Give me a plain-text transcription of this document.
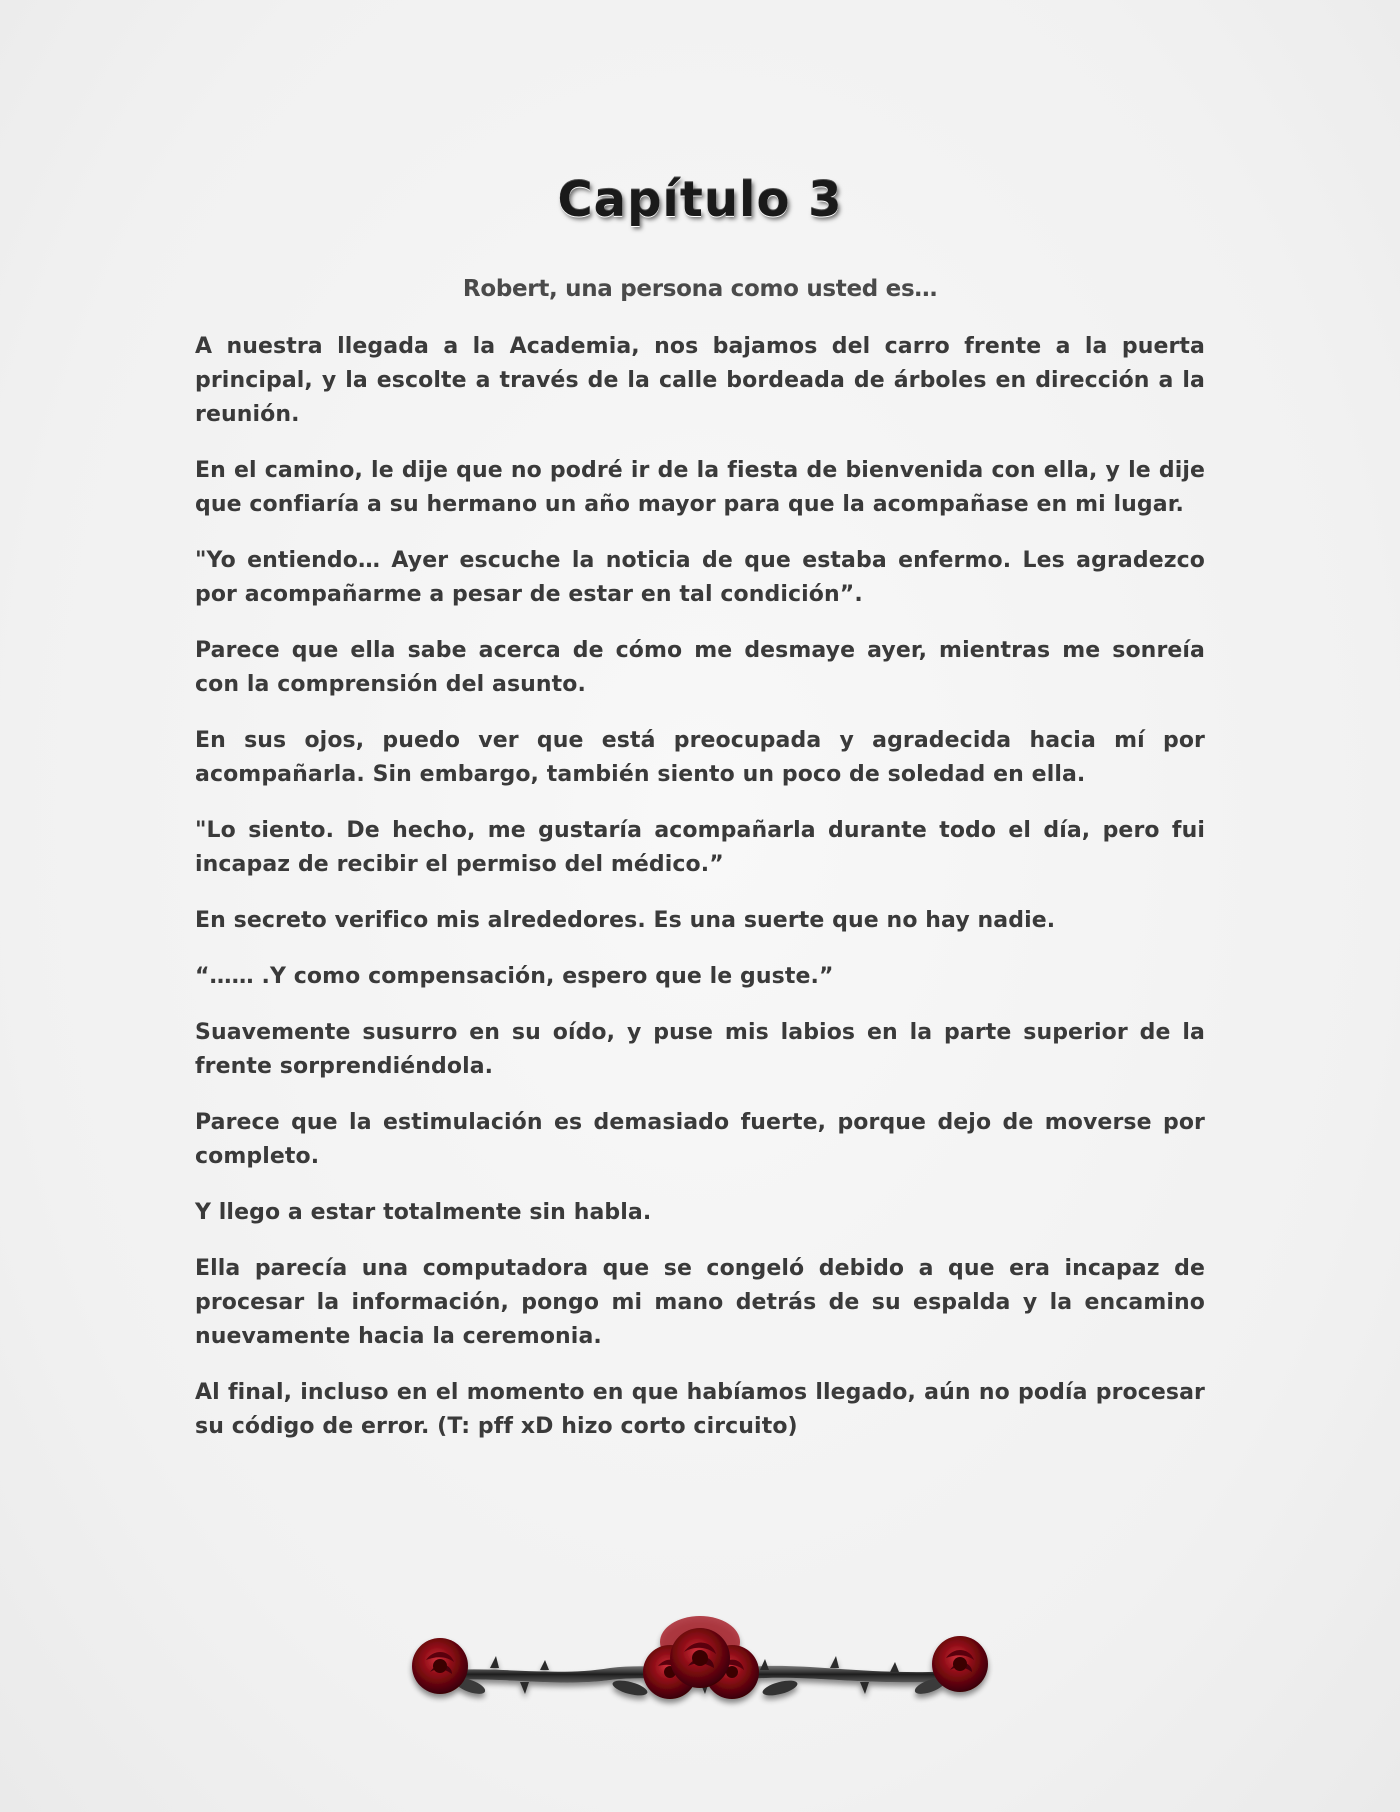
Capítulo 3
Robert, una persona como usted es…

A nuestra llegada a la Academia, nos bajamos del carro frente a la puerta principal, y la escolte a través de la calle bordeada de árboles en dirección a la reunión.

En el camino, le dije que no podré ir de la fiesta de bienvenida con ella, y le dije que confiaría a su hermano un año mayor para que la acompañase en mi lugar.

"Yo entiendo… Ayer escuche la noticia de que estaba enfermo. Les agradezco por acompañarme a pesar de estar en tal condición”.

Parece que ella sabe acerca de cómo me desmaye ayer, mientras me sonreía con la comprensión del asunto.

En sus ojos, puedo ver que está preocupada y agradecida hacia mí por acompañarla. Sin embargo, también siento un poco de soledad en ella.

"Lo siento. De hecho, me gustaría acompañarla durante todo el día, pero fui incapaz de recibir el permiso del médico.”

En secreto verifico mis alrededores. Es una suerte que no hay nadie.

“…… .Y como compensación, espero que le guste.”

Suavemente susurro en su oído, y puse mis labios en la parte superior de la frente sorprendiéndola.

Parece que la estimulación es demasiado fuerte, porque dejo de moverse por completo.

Y llego a estar totalmente sin habla.

Ella parecía una computadora que se congeló debido a que era incapaz de procesar la información, pongo mi mano detrás de su espalda y la encamino nuevamente hacia la ceremonia.

Al final, incluso en el momento en que habíamos llegado, aún no podía procesar su código de error. (T: pff xD hizo corto circuito)
